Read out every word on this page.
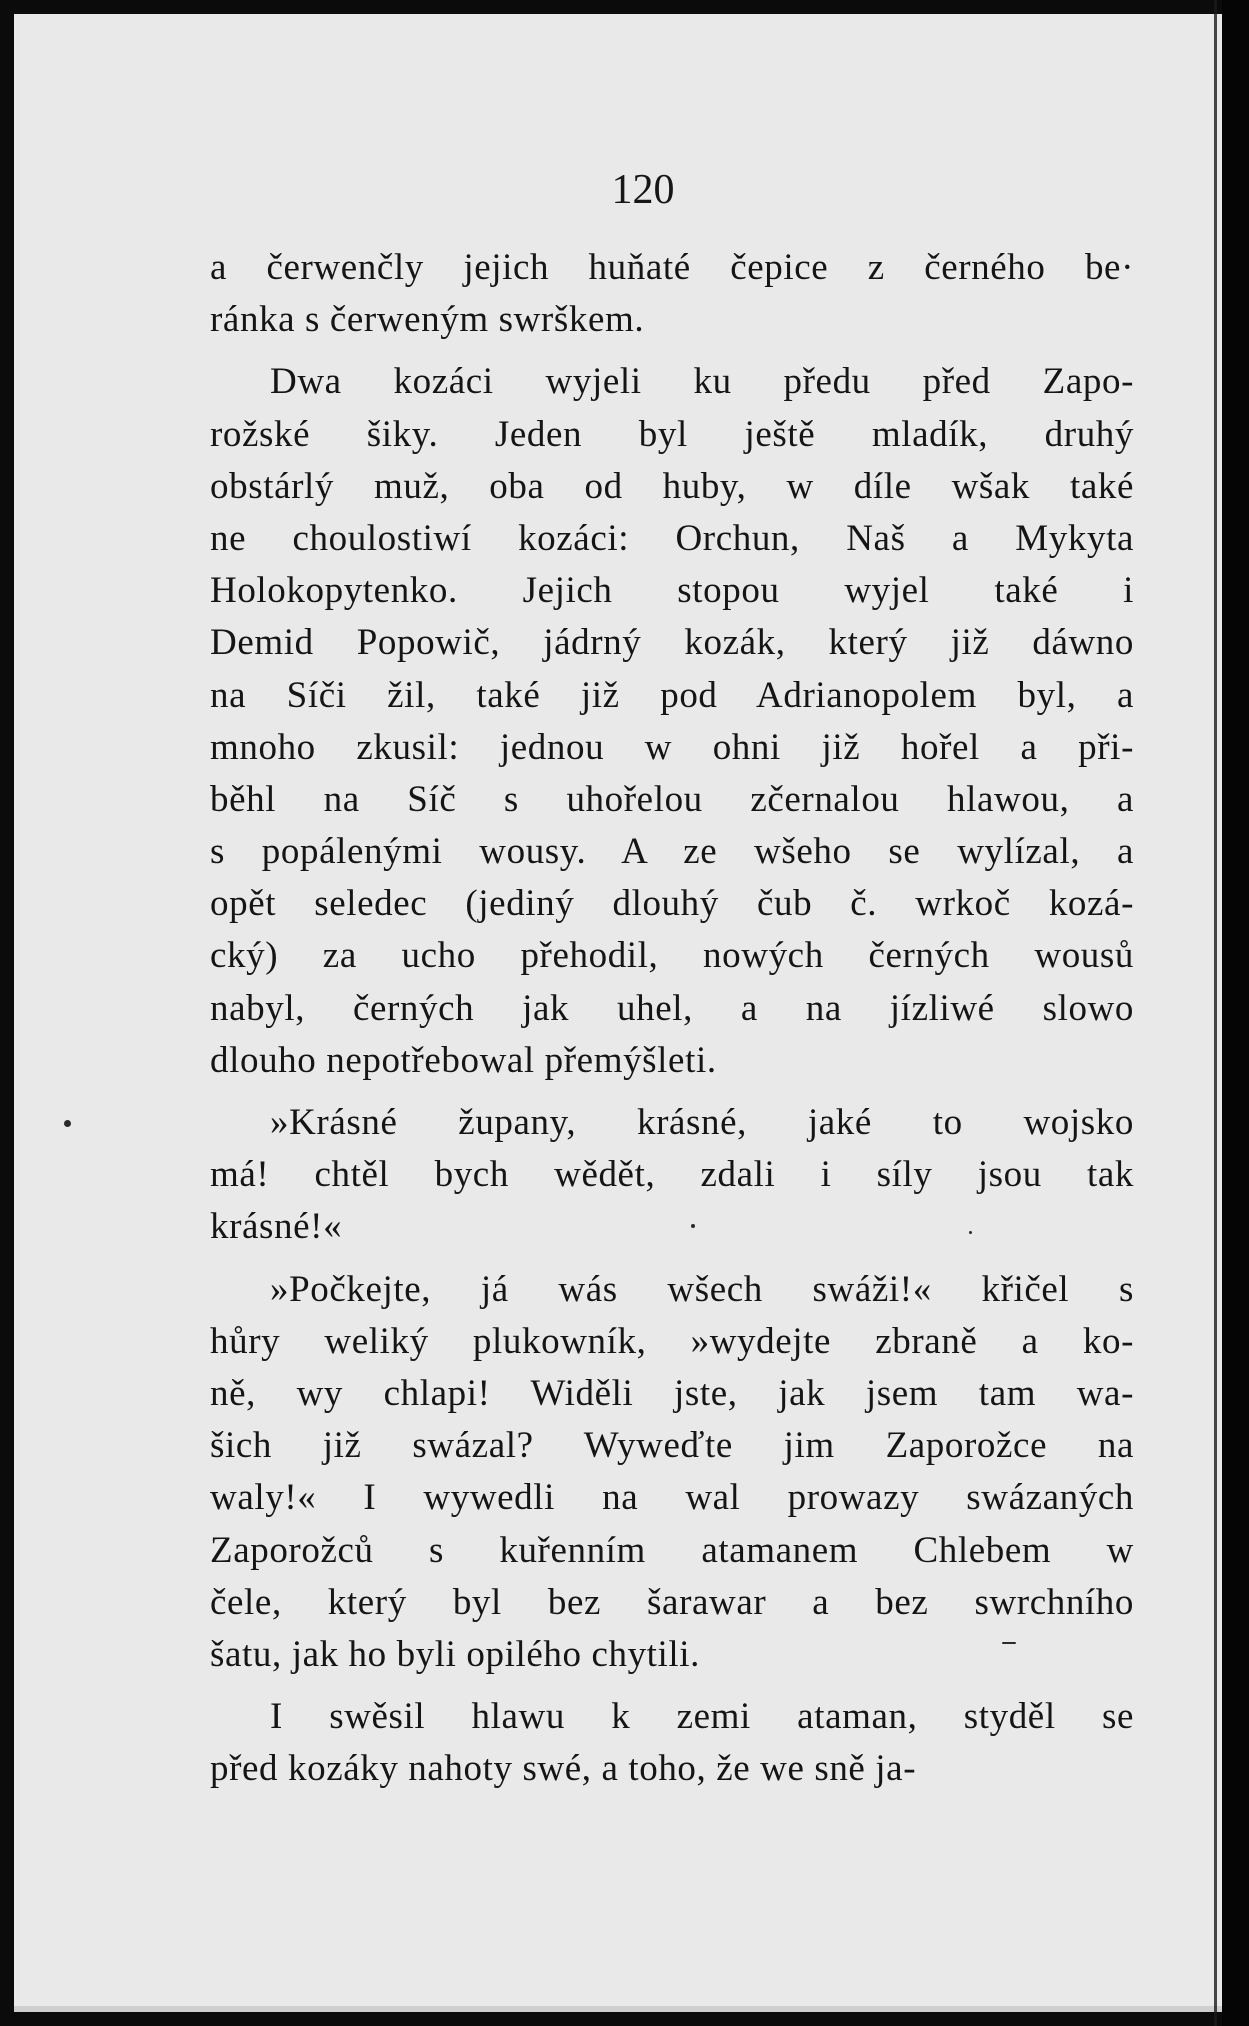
120
a čerwenčly jejich huňaté čepice z černého be·
ránka s čerweným swrškem.
Dwa kozáci wyjeli ku předu před Zapo-
rožské šiky. Jeden byl ještě mladík, druhý
obstárlý muž, oba od huby, w díle wšak také
ne choulostiwí kozáci: Orchun, Naš a Mykyta
Holokopytenko. Jejich stopou wyjel také i
Demid Popowič, jádrný kozák, který již dáwno
na Síči žil, také již pod Adrianopolem byl, a
mnoho zkusil: jednou w ohni již hořel a při-
běhl na Síč s uhořelou zčernalou hlawou, a
s popálenými wousy. A ze wšeho se wylízal, a
opět seledec (jediný dlouhý čub č. wrkoč kozá-
cký) za ucho přehodil, nowých černých wousů
nabyl, černých jak uhel, a na jízliwé slowo
dlouho nepotřebowal přemýšleti.
»Krásné župany, krásné, jaké to wojsko
má! chtěl bych wědět, zdali i síly jsou tak
krásné!«
»Počkejte, já wás wšech swáži!« křičel s
hůry weliký plukowník, »wydejte zbraně a ko-
ně, wy chlapi! Widěli jste, jak jsem tam wa-
šich již swázal? Wyweďte jim Zaporožce na
waly!« I wywedli na wal prowazy swázaných
Zaporožců s kuřenním atamanem Chlebem w
čele, který byl bez šarawar a bez swrchního
šatu, jak ho byli opilého chytili.
I swěsil hlawu k zemi ataman, styděl se
před kozáky nahoty swé, a toho, že we sně ja-
